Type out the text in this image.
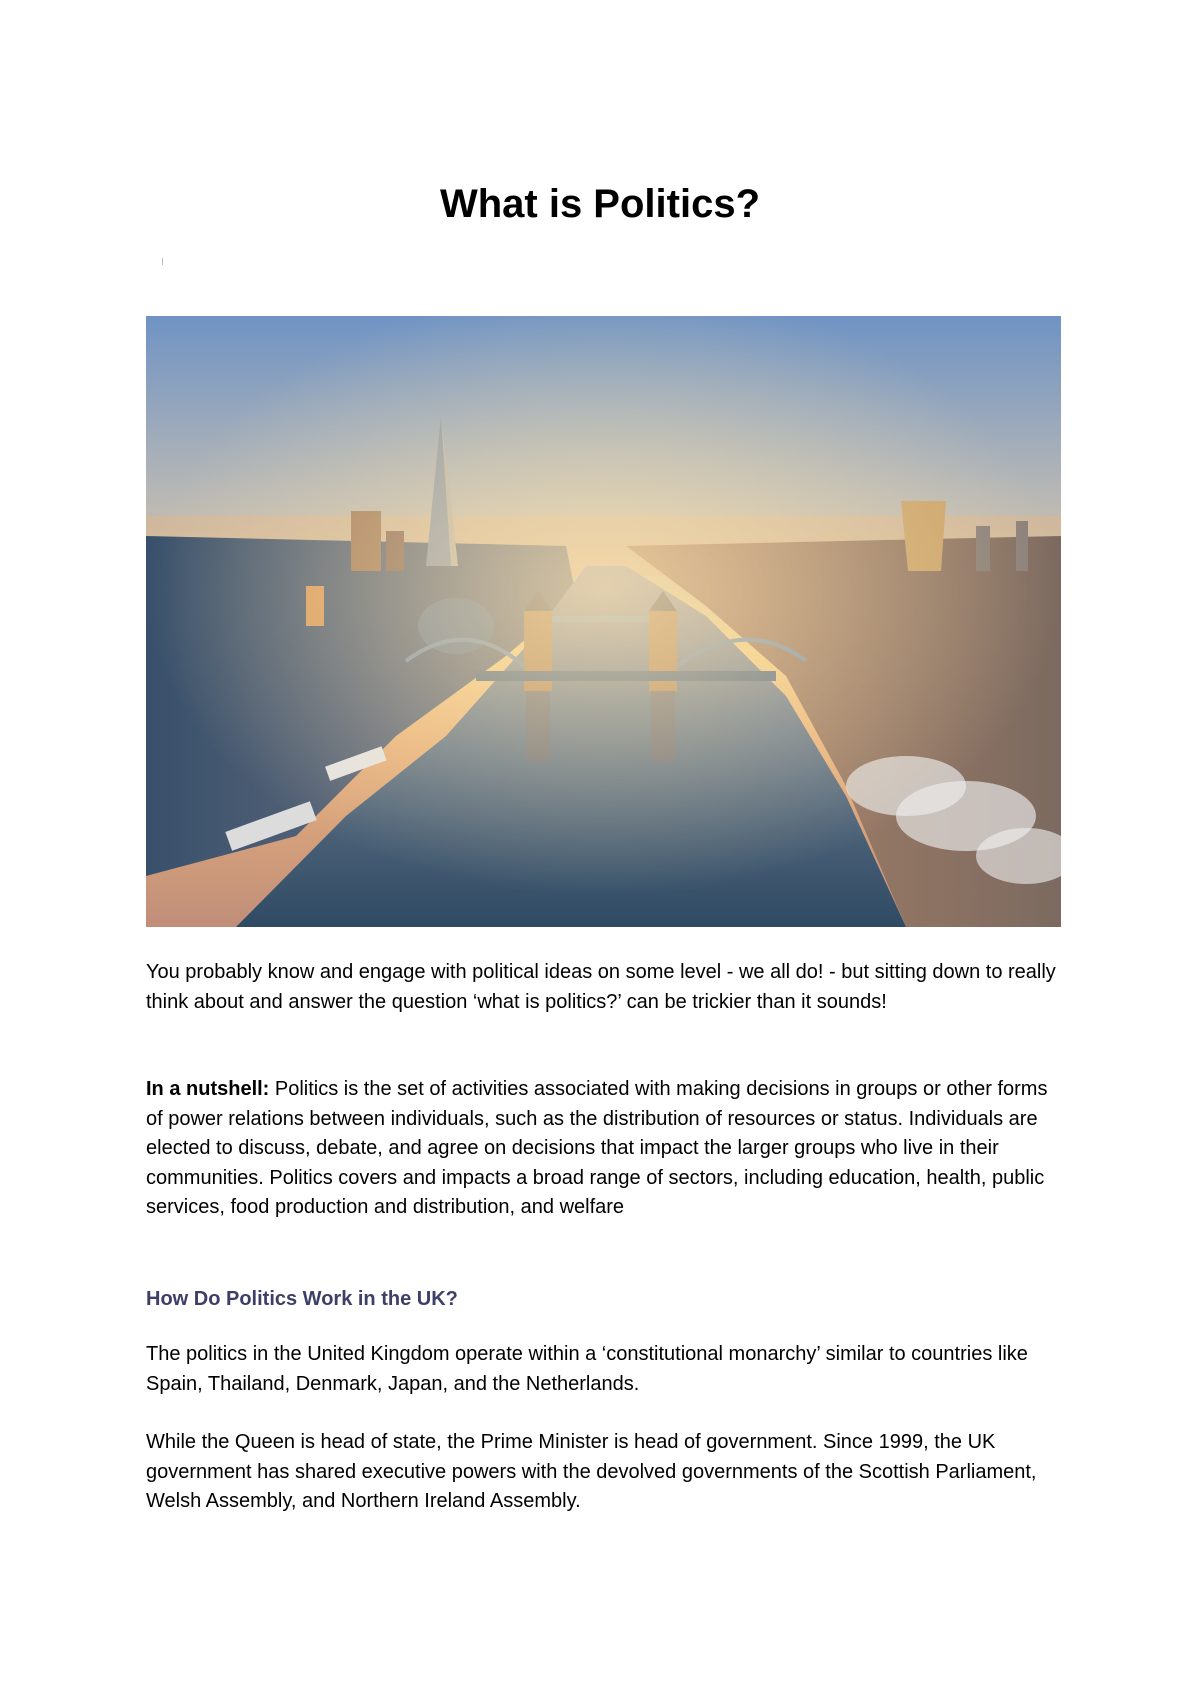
What is Politics?

You probably know and engage with political ideas on some level - we all do! - but sitting down to really think about and answer the question ‘what is politics?’ can be trickier than it sounds!

In a nutshell: Politics is the set of activities associated with making decisions in groups or other forms of power relations between individuals, such as the distribution of resources or status. Individuals are elected to discuss, debate, and agree on decisions that impact the larger groups who live in their communities. Politics covers and impacts a broad range of sectors, including education, health, public services, food production and distribution, and welfare

How Do Politics Work in the UK?

The politics in the United Kingdom operate within a ‘constitutional monarchy’ similar to countries like Spain, Thailand, Denmark, Japan, and the Netherlands.

While the Queen is head of state, the Prime Minister is head of government. Since 1999, the UK government has shared executive powers with the devolved governments of the Scottish Parliament, Welsh Assembly, and Northern Ireland Assembly.
